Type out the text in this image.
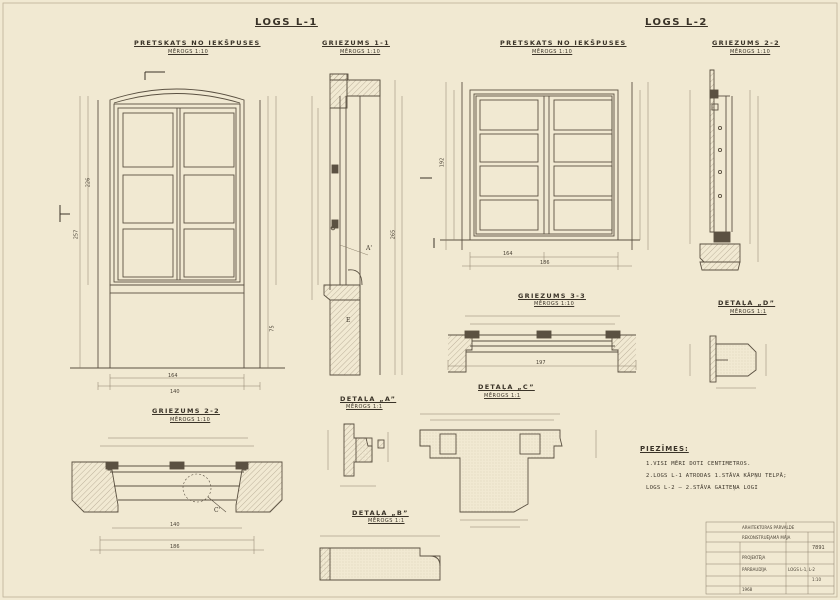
LOGS L-1	LOGS L-2
PRETSKATS NO IEKŠPUSES
MĒROGS 1:10
GRIEZUMS 1-1
MĒROGS 1:10
PRETSKATS NO IEKŠPUSES
MĒROGS 1:10
GRIEZUMS 2-2
MĒROGS 1:10
GRIEZUMS 3-3
MĒROGS 1:10	DETAĻA „D”
MĒROGS 1:1
DETAĻA „C”
MĒROGS 1:1
DETAĻA „A”
MĒROGS 1:1
GRIEZUMS 2-2
MĒROGS 1:10
DETAĻA „B”
MĒROGS 1:1
164
140
257
226
75
265
186
164
192
197
186
140
A'
C'
E
PIEZĪMES:
1.VISI MĒRI DOTI CENTIMETROS.
2.LOGS L-1 ATRODAS 1.STĀVA KĀPŅU TELPĀ;
LOGS L-2 — 2.STĀVA GAITEŅA LOGI
ARHITEKTŪRAS PĀRVALDE
REKONSTRUĒJAMĀ MĀJA
7891
PROJEKTĒJA
PĀRBAUDĪJA	LOGS L-1, L-2
1:10
1968
